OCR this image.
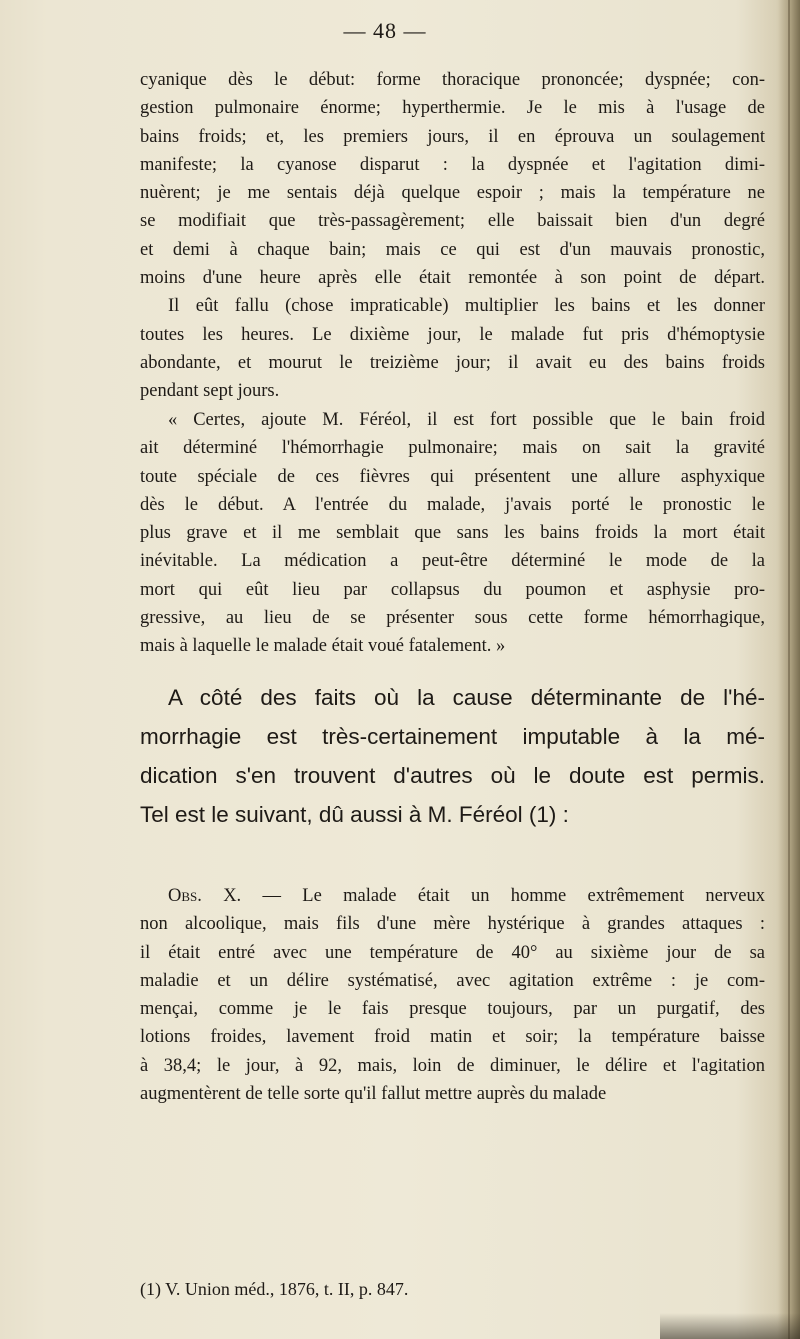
— 48 —
cyanique dès le début: forme thoracique prononcée; dyspnée; con-
gestion pulmonaire énorme; hyperthermie. Je le mis à l'usage de
bains froids; et, les premiers jours, il en éprouva un soulagement
manifeste; la cyanose disparut : la dyspnée et l'agitation dimi-
nuèrent; je me sentais déjà quelque espoir ; mais la température ne
se modifiait que très-passagèrement; elle baissait bien d'un degré
et demi à chaque bain; mais ce qui est d'un mauvais pronostic,
moins d'une heure après elle était remontée à son point de départ.
Il eût fallu (chose impraticable) multiplier les bains et les donner
toutes les heures. Le dixième jour, le malade fut pris d'hémoptysie
abondante, et mourut le treizième jour; il avait eu des bains froids
pendant sept jours.
« Certes, ajoute M. Féréol, il est fort possible que le bain froid
ait déterminé l'hémorrhagie pulmonaire; mais on sait la gravité
toute spéciale de ces fièvres qui présentent une allure asphyxique
dès le début. A l'entrée du malade, j'avais porté le pronostic le
plus grave et il me semblait que sans les bains froids la mort était
inévitable. La médication a peut-être déterminé le mode de la
mort qui eût lieu par collapsus du poumon et asphysie pro-
gressive, au lieu de se présenter sous cette forme hémorrhagique,
mais à laquelle le malade était voué fatalement. »
A côté des faits où la cause déterminante de l'hé-
morrhagie est très-certainement imputable à la mé-
dication s'en trouvent d'autres où le doute est permis.
Tel est le suivant, dû aussi à M. Féréol (1) :
Obs. X. — Le malade était un homme extrêmement nerveux
non alcoolique, mais fils d'une mère hystérique à grandes attaques :
il était entré avec une température de 40° au sixième jour de sa
maladie et un délire systématisé, avec agitation extrême : je com-
mençai, comme je le fais presque toujours, par un purgatif, des
lotions froides, lavement froid matin et soir; la température baisse
à 38,4; le jour, à 92, mais, loin de diminuer, le délire et l'agitation
augmentèrent de telle sorte qu'il fallut mettre auprès du malade
(1) V. Union méd., 1876, t. II, p. 847.
